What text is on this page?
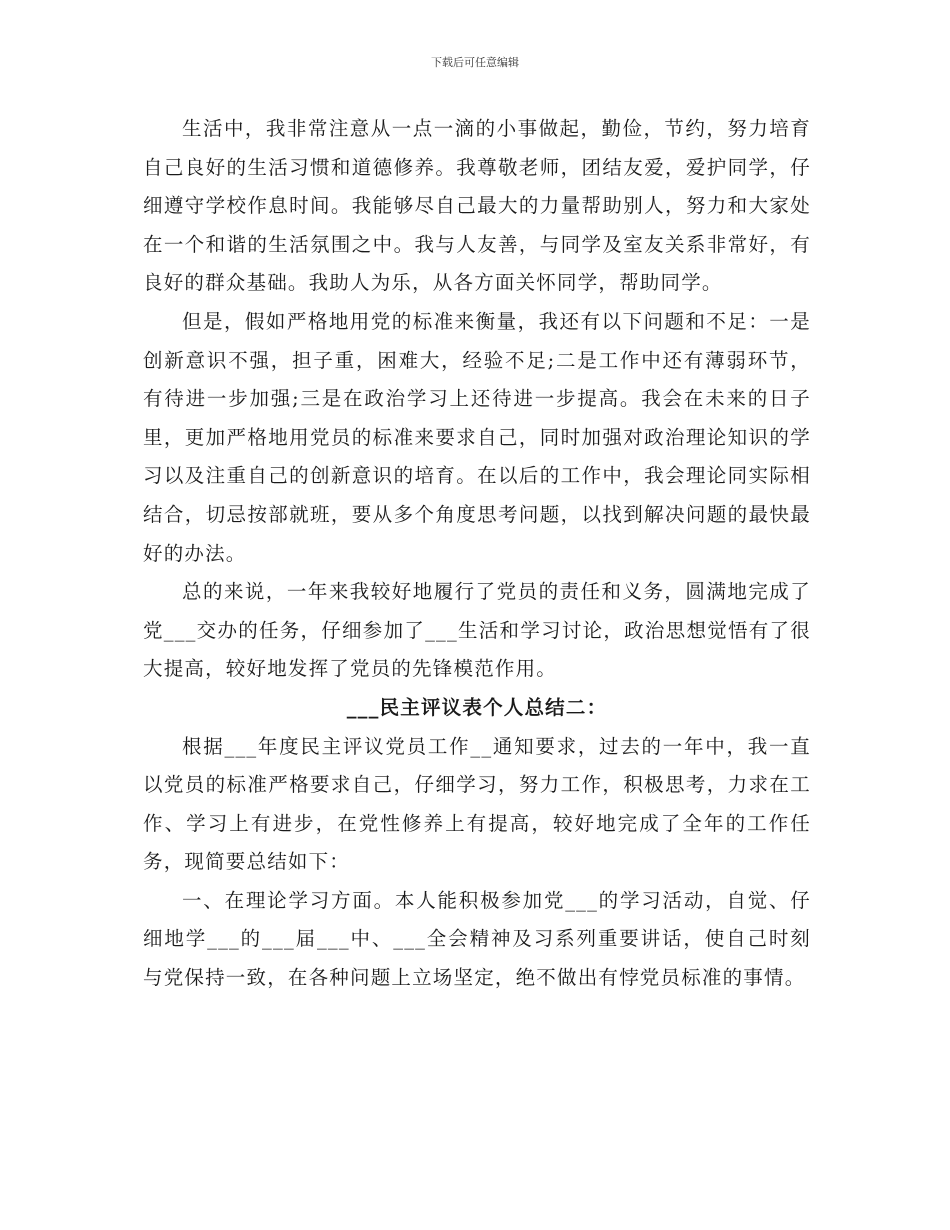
下载后可任意编辑

生活中，我非常注意从一点一滴的小事做起，勤俭，节约，努力培育自己良好的生活习惯和道德修养。我尊敬老师，团结友爱，爱护同学，仔细遵守学校作息时间。我能够尽自己最大的力量帮助别人，努力和大家处在一个和谐的生活氛围之中。我与人友善，与同学及室友关系非常好，有良好的群众基础。我助人为乐，从各方面关怀同学，帮助同学。

但是，假如严格地用党的标准来衡量，我还有以下问题和不足：一是创新意识不强，担子重，困难大，经验不足;二是工作中还有薄弱环节，有待进一步加强;三是在政治学习上还待进一步提高。我会在未来的日子里，更加严格地用党员的标准来要求自己，同时加强对政治理论知识的学习以及注重自己的创新意识的培育。在以后的工作中，我会理论同实际相结合，切忌按部就班，要从多个角度思考问题，以找到解决问题的最快最好的办法。

总的来说，一年来我较好地履行了党员的责任和义务，圆满地完成了党___交办的任务，仔细参加了___生活和学习讨论，政治思想觉悟有了很大提高，较好地发挥了党员的先锋模范作用。

___民主评议表个人总结二：

根据___年度民主评议党员工作__通知要求，过去的一年中，我一直以党员的标准严格要求自己，仔细学习，努力工作，积极思考，力求在工作、学习上有进步，在党性修养上有提高，较好地完成了全年的工作任务，现简要总结如下：

一、在理论学习方面。本人能积极参加党___的学习活动，自觉、仔细地学___的___届___中、___全会精神及习系列重要讲话，使自己时刻与党保持一致，在各种问题上立场坚定，绝不做出有悖党员标准的事情。
